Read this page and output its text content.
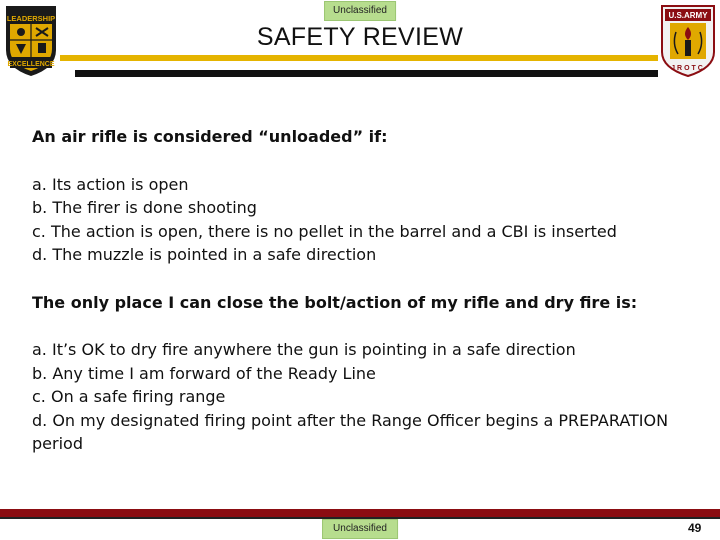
Unclassified
LEADERSHIP
EXCELLENCE
U.S.ARMY
JROTC
SAFETY REVIEW

An air rifle is considered “unloaded” if:

a. Its action is open
b. The firer is done shooting
c. The action is open, there is no pellet in the barrel and a CBI is inserted
d. The muzzle is pointed in a safe direction

The only place I can close the bolt/action of my rifle and dry fire is:

a. It’s OK to dry fire anywhere the gun is pointing in a safe direction
b. Any time I am forward of the Ready Line
c. On a safe firing range
d. On my designated firing point after the Range Officer begins a PREPARATION period
Unclassified	49
